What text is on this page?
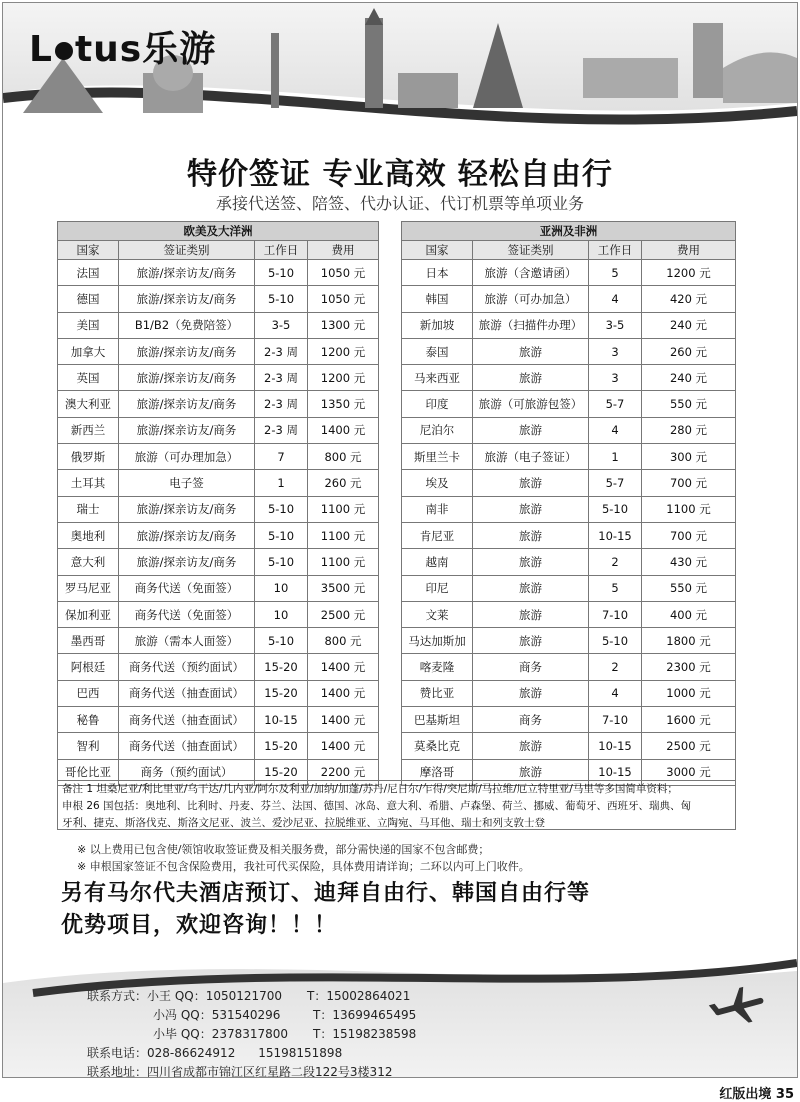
L tus乐游
特价签证 专业高效 轻松自由行
承接代送签、陪签、代办认证、代订机票等单项业务
欧美及大洋洲			
国家	签证类别	工作日	费用
法国	旅游/探亲访友/商务	5-10	1050 元
德国	旅游/探亲访友/商务	5-10	1050 元
美国	B1/B2（免费陪签）	3-5	1300 元
加拿大	旅游/探亲访友/商务	2-3 周	1200 元
英国	旅游/探亲访友/商务	2-3 周	1200 元
澳大利亚	旅游/探亲访友/商务	2-3 周	1350 元
新西兰	旅游/探亲访友/商务	2-3 周	1400 元
俄罗斯	旅游（可办理加急）	7	800 元
土耳其	电子签	1	260 元
瑞士	旅游/探亲访友/商务	5-10	1100 元
奥地利	旅游/探亲访友/商务	5-10	1100 元
意大利	旅游/探亲访友/商务	5-10	1100 元
罗马尼亚	商务代送（免面签）	10	3500 元
保加利亚	商务代送（免面签）	10	2500 元
墨西哥	旅游（需本人面签）	5-10	800 元
阿根廷	商务代送（预约面试）	15-20	1400 元
巴西	商务代送（抽查面试）	15-20	1400 元
秘鲁	商务代送（抽查面试）	10-15	1400 元
智利	商务代送（抽查面试）	15-20	1400 元
哥伦比亚	商务（预约面试）	15-20	2200 元
亚洲及非洲			
国家	签证类别	工作日	费用
日本	旅游（含邀请函）	5	1200 元
韩国	旅游（可办加急）	4	420 元
新加坡	旅游（扫描件办理）	3-5	240 元
泰国	旅游	3	260 元
马来西亚	旅游	3	240 元
印度	旅游（可旅游包签）	5-7	550 元
尼泊尔	旅游	4	280 元
斯里兰卡	旅游（电子签证）	1	300 元
埃及	旅游	5-7	700 元
南非	旅游	5-10	1100 元
肯尼亚	旅游	10-15	700 元
越南	旅游	2	430 元
印尼	旅游	5	550 元
文莱	旅游	7-10	400 元
马达加斯加	旅游	5-10	1800 元
喀麦隆	商务	2	2300 元
赞比亚	旅游	4	1000 元
巴基斯坦	商务	7-10	1600 元
莫桑比克	旅游	10-15	2500 元
摩洛哥	旅游	10-15	3000 元
备注 1 坦桑尼亚/利比里亚/乌干达/几内亚/阿尔及利亚/加纳/加蓬/苏丹/尼日尔/乍得/突尼斯/马拉维/厄立特里亚/马里等多国简单资料；
申根 26 国包括：奥地利、比利时、丹麦、芬兰、法国、德国、冰岛、意大利、希腊、卢森堡、荷兰、挪威、葡萄牙、西班牙、瑞典、匈
牙利、捷克、斯洛伐克、斯洛文尼亚、波兰、爱沙尼亚、拉脱维亚、立陶宛、马耳他、瑞士和列支敦士登
※ 以上费用已包含使/领馆收取签证费及相关服务费，部分需快递的国家不包含邮费；
※ 申根国家签证不包含保险费用，我社可代买保险，具体费用请详询；二环以内可上门收件。
另有马尔代夫酒店预订、迪拜自由行、韩国自由行等
优势项目，欢迎咨询！！！
联系方式：小王 QQ：1050121700 T：15002864021
小冯 QQ：531540296	T：13699465495
小毕 QQ：2378317800 T：15198238598
联系电话：028-86624912      15198151898
联系地址：四川省成都市锦江区红星路二段122号3楼312
红版出境 35
